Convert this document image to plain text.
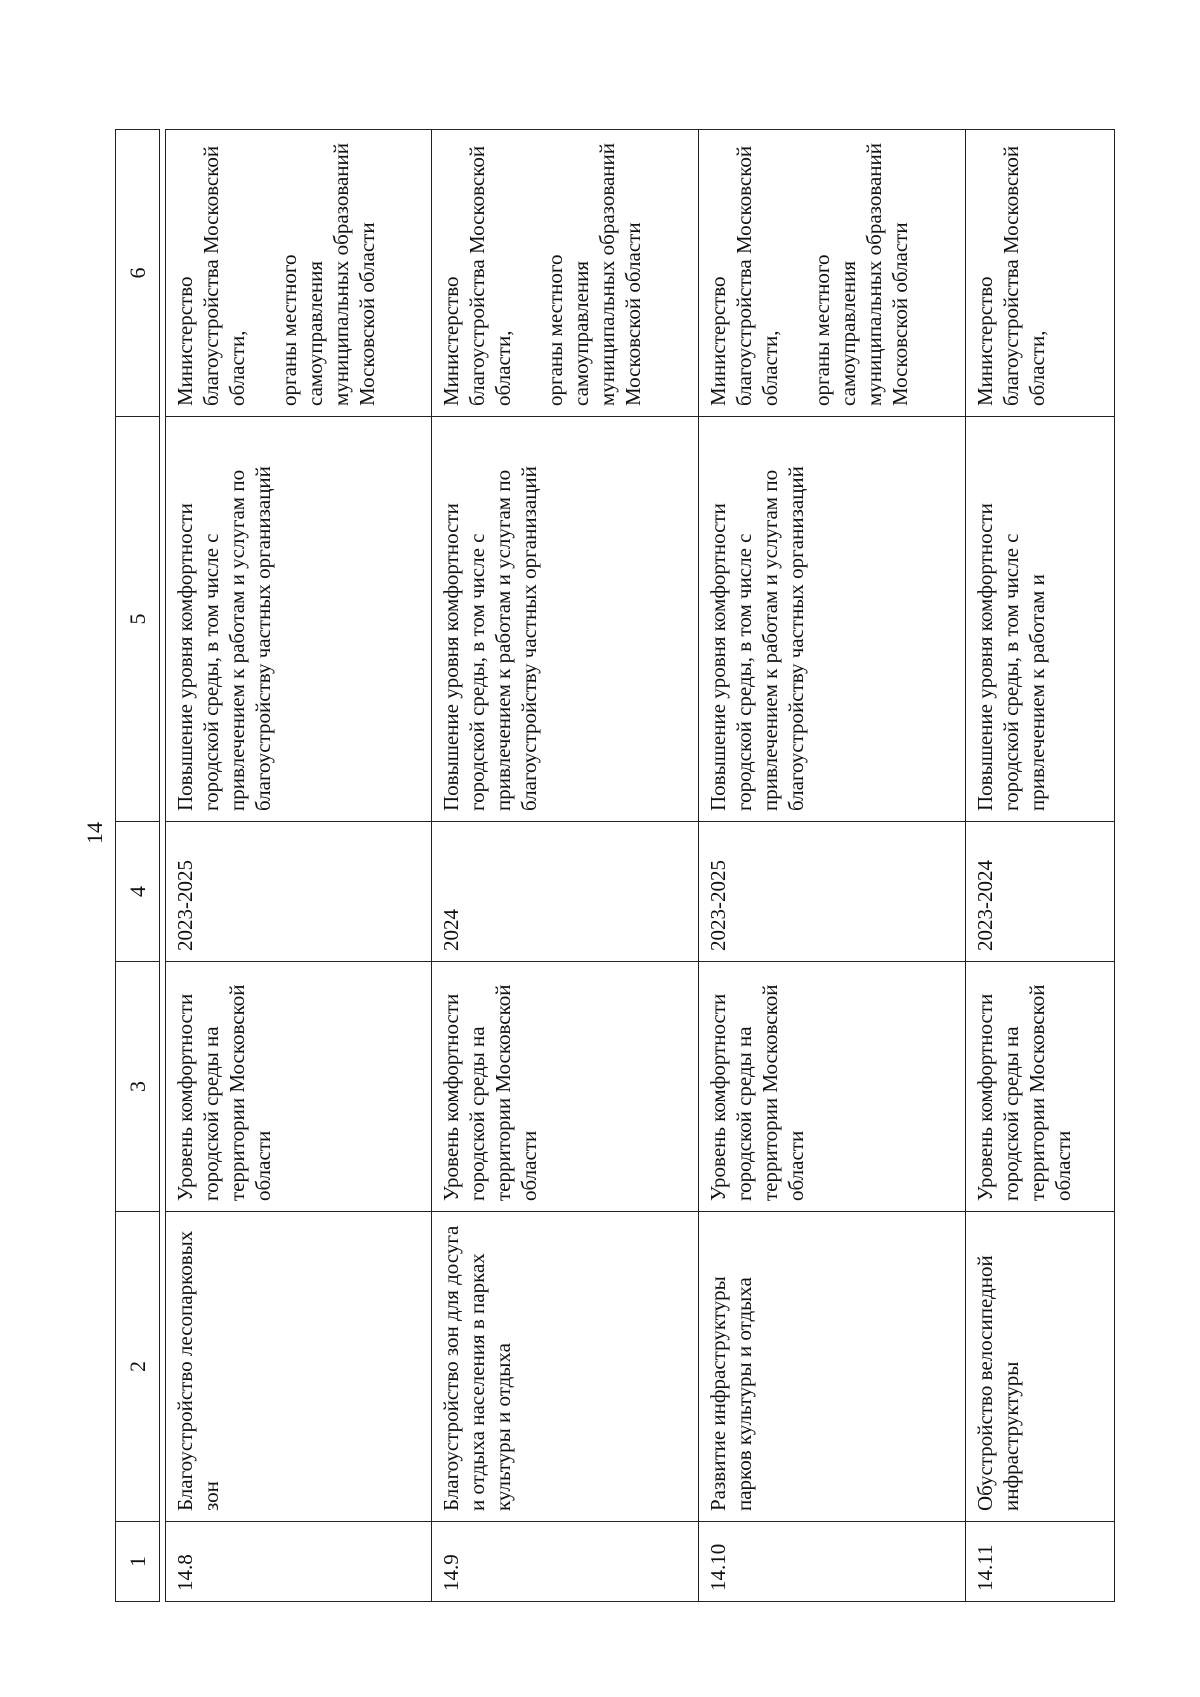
14
1	2	3	4	5	6

14.8	Благоустройство лесопарковых зон	Уровень комфортности городской среды на территории Московской области	2023-2025	Повышение уровня комфортности городской среды, в том числе с привлечением к работам и услугам по благоустройству частных организаций	Министерство благоустройства Московской области, органы местного самоуправления муниципальных образований Московской области

14.9	Благоустройство зон для досуга и отдыха населения в парках культуры и отдыха	Уровень комфортности городской среды на территории Московской области	2024	Повышение уровня комфортности городской среды, в том числе с привлечением к работам и услугам по благоустройству частных организаций	Министерство благоустройства Московской области, органы местного самоуправления муниципальных образований Московской области

14.10	Развитие инфраструктуры парков культуры и отдыха	Уровень комфортности городской среды на территории Московской области	2023-2025	Повышение уровня комфортности городской среды, в том числе с привлечением к работам и услугам по благоустройству частных организаций	Министерство благоустройства Московской области, органы местного самоуправления муниципальных образований Московской области

14.11	Обустройство велосипедной инфраструктуры	Уровень комфортности городской среды на территории Московской области	2023-2024	Повышение уровня комфортности городской среды, в том числе с привлечением к работам и	Министерство благоустройства Московской области,
